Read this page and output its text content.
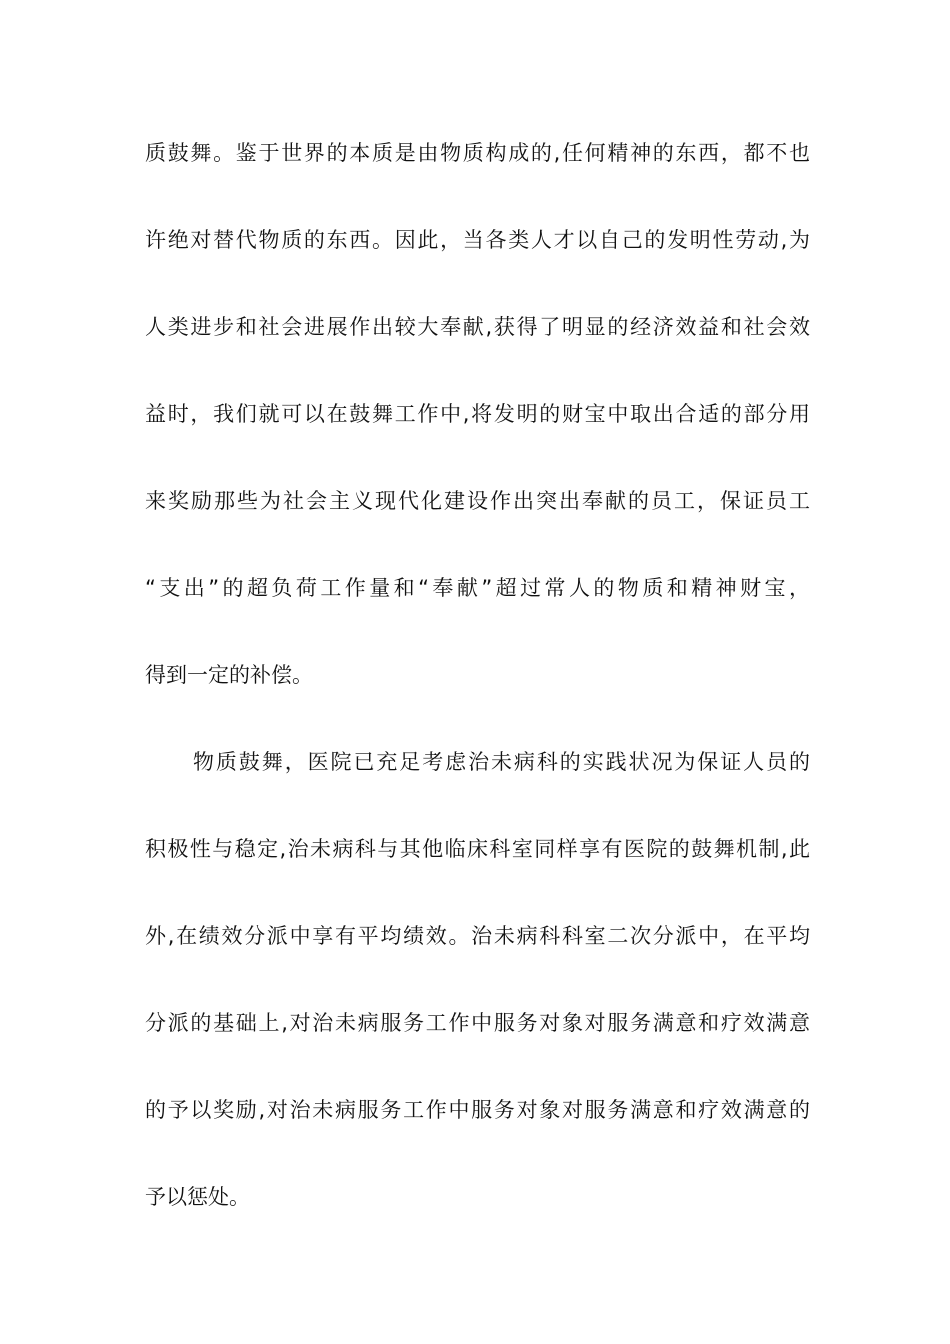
质鼓舞。鉴于世界的本质是由物质构成的,任何精神的东西，都不也
许绝对替代物质的东西。因此，当各类人才以自己的发明性劳动,为
人类进步和社会进展作出较大奉献,获得了明显的经济效益和社会效
益时，我们就可以在鼓舞工作中,将发明的财宝中取出合适的部分用
来奖励那些为社会主义现代化建设作出突出奉献的员工，保证员工
“支出”的超负荷工作量和“奉献”超过常人的物质和精神财宝，
得到一定的补偿。
物质鼓舞，医院已充足考虑治未病科的实践状况为保证人员的
积极性与稳定,治未病科与其他临床科室同样享有医院的鼓舞机制,此
外,在绩效分派中享有平均绩效。治未病科科室二次分派中，在平均
分派的基础上,对治未病服务工作中服务对象对服务满意和疗效满意
的予以奖励,对治未病服务工作中服务对象对服务满意和疗效满意的
予以惩处。
